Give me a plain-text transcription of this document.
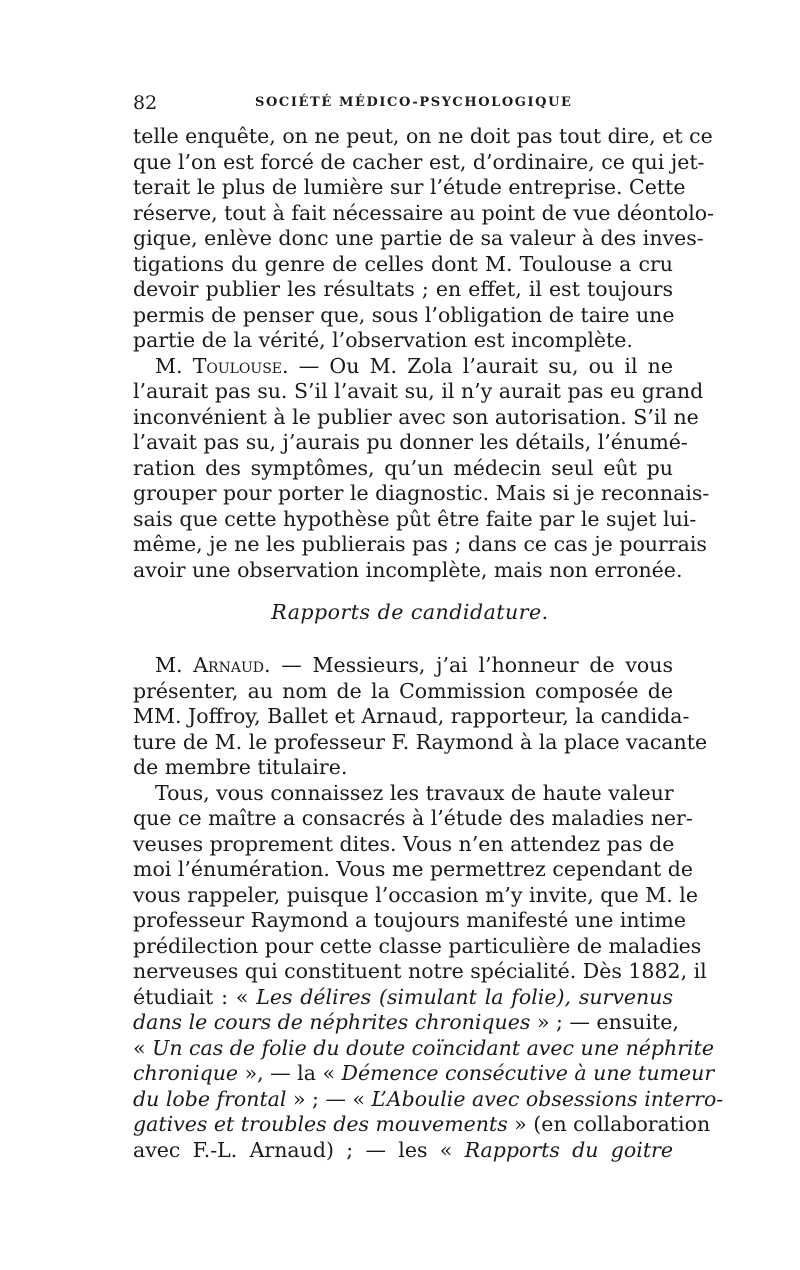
82	SOCIÉTÉ MÉDICO-PSYCHOLOGIQUE
telle enquête, on ne peut, on ne doit pas tout dire, et ce
que l’on est forcé de cacher est, d’ordinaire, ce qui jet-
terait le plus de lumière sur l’étude entreprise. Cette
réserve, tout à fait nécessaire au point de vue déontolo-
gique, enlève donc une partie de sa valeur à des inves-
tigations du genre de celles dont M. Toulouse a cru
devoir publier les résultats ; en effet, il est toujours
permis de penser que, sous l’obligation de taire une
partie de la vérité, l’observation est incomplète.
M. Toulouse. — Ou M. Zola l’aurait su, ou il ne
l’aurait pas su. S’il l’avait su, il n’y aurait pas eu grand
inconvénient à le publier avec son autorisation. S’il ne
l’avait pas su, j’aurais pu donner les détails, l’énumé-
ration des symptômes, qu’un médecin seul eût pu
grouper pour porter le diagnostic. Mais si je reconnais-
sais que cette hypothèse pût être faite par le sujet lui-
même, je ne les publierais pas ; dans ce cas je pourrais
avoir une observation incomplète, mais non erronée.
Rapports de candidature.
M. Arnaud. — Messieurs, j’ai l’honneur de vous
présenter, au nom de la Commission composée de
MM. Joffroy, Ballet et Arnaud, rapporteur, la candida-
ture de M. le professeur F. Raymond à la place vacante
de membre titulaire.
Tous, vous connaissez les travaux de haute valeur
que ce maître a consacrés à l’étude des maladies ner-
veuses proprement dites. Vous n’en attendez pas de
moi l’énumération. Vous me permettrez cependant de
vous rappeler, puisque l’occasion m’y invite, que M. le
professeur Raymond a toujours manifesté une intime
prédilection pour cette classe particulière de maladies
nerveuses qui constituent notre spécialité. Dès 1882, il
étudiait : « Les délires (simulant la folie), survenus
dans le cours de néphrites chroniques » ; — ensuite,
« Un cas de folie du doute coïncidant avec une néphrite
chronique », — la « Démence consécutive à une tumeur
du lobe frontal » ; — « L’Aboulie avec obsessions interro-
gatives et troubles des mouvements » (en collaboration
avec F.-L. Arnaud) ; — les « Rapports du goitre
